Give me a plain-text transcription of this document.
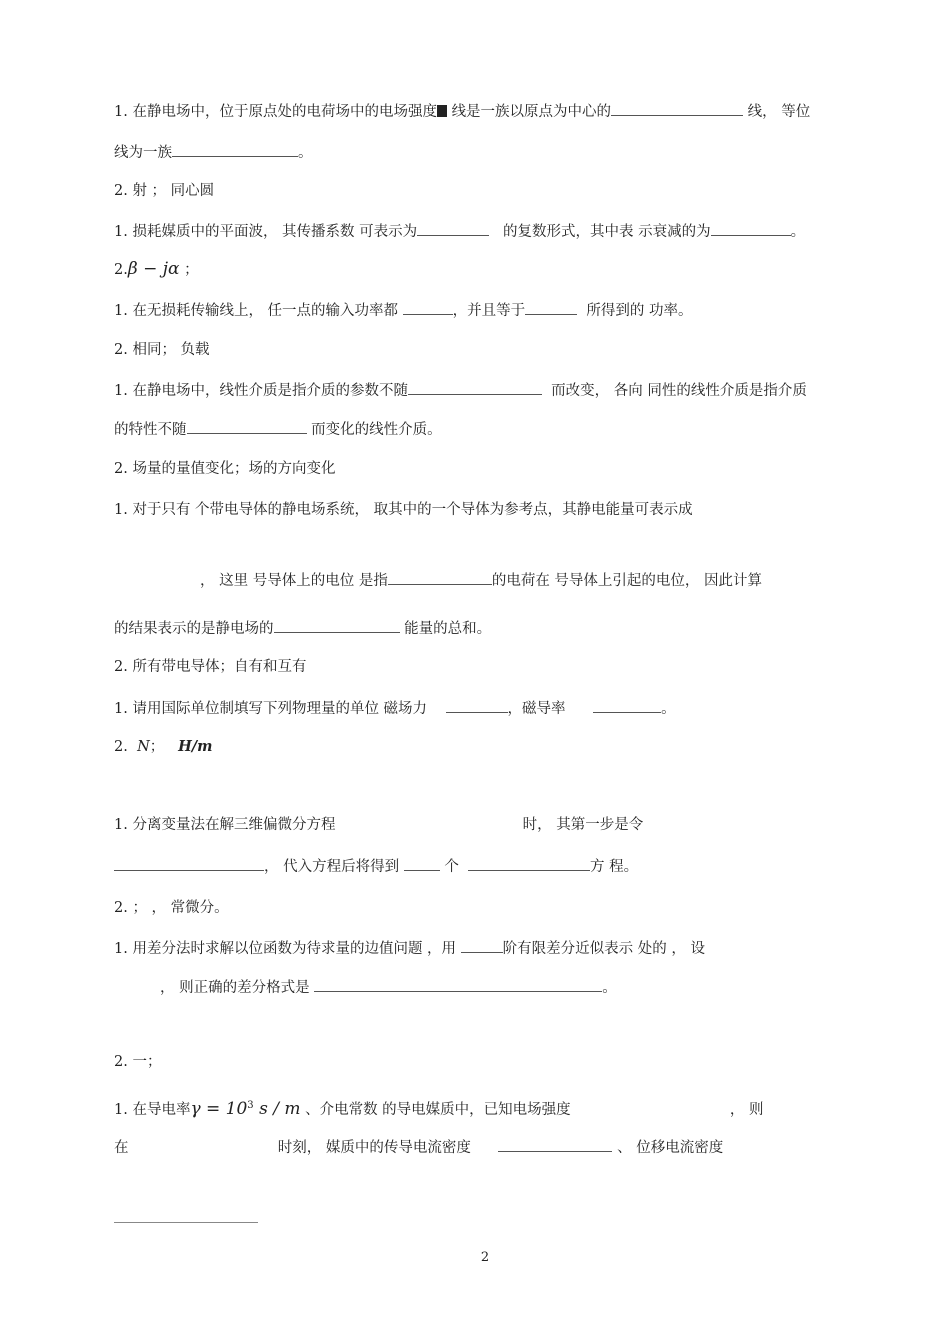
1. 在静电场中，位于原点处的电荷场中的电场强度 线是一族以原点为中心的	线， 等位
线为一族	。
2. 射 ； 同心圆
1. 损耗媒质中的平面波， 其传播系数 可表示为	的复数形式，其中表 示衰减的为	。
2.β − jα ；
1. 在无损耗传输线上， 任一点的输入功率都	，并且等于	所得到的 功率。
2. 相同； 负载
1. 在静电场中，线性介质是指介质的参数不随	而改变， 各向 同性的线性介质是指介质
的特性不随	而变化的线性介质。
2. 场量的量值变化；场的方向变化
1. 对于只有 个带电导体的静电场系统， 取其中的一个导体为参考点，其静电能量可表示成
， 这里 号导体上的电位 是指	的电荷在 号导体上引起的电位， 因此计算
的结果表示的是静电场的	能量的总和。
2. 所有带电导体；自有和互有
1. 请用国际单位制填写下列物理量的单位 磁场力	，磁导率	。
2. N； H/m
1. 分离变量法在解三维偏微分方程	时， 其第一步是令
， 代入方程后将得到	个	方 程。
2. ； ， 常微分。
1. 用差分法时求解以位函数为待求量的边值问题 ，用	阶有限差分近似表示 处的 ， 设
， 则正确的差分格式是	。
2. 一；
1. 在导电率$\gamma = 10^3$ s / m 、介电常数 的导电媒质中，已知电场强度	， 则
在	时刻， 媒质中的传导电流密度	、 位移电流密度
2
